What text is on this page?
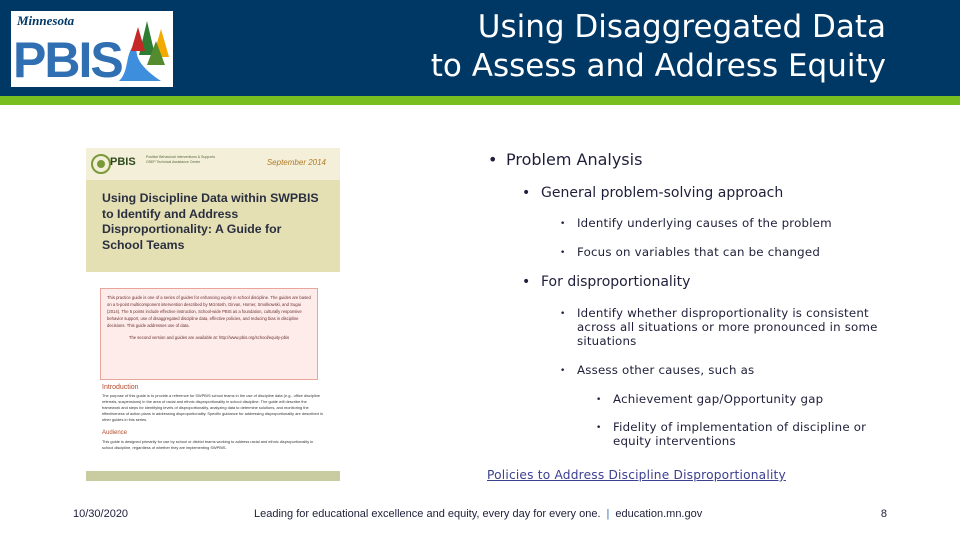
Minnesota
PBIS
Using Disaggregated Data
to Assess and Address Equity
PBIS	Positive Behavioral Interventions & Supports OSEP Technical Assistance Center	September 2014
Using Discipline Data within SWPBIS to Identify and Address Disproportionality: A Guide for School Teams
This practice guide is one of a series of guides for enhancing equity in school discipline. The guides are based on a 5-point multicomponent intervention described by McIntosh, Girvan, Horner, Smolkowski, and Sugai (2014). The 5 points include effective instruction, School-wide PBIS as a foundation, culturally responsive behavior support, use of disaggregated discipline data, effective policies, and reducing bias in discipline decisions. This guide addresses use of data.
The second version and guides are available at: http://www.pbis.org/school/equity-pbis
Introduction
The purpose of this guide is to provide a reference for SWPBIS school teams in the use of discipline data (e.g., office discipline referrals, suspensions) in the area of racial and ethnic disproportionality in school discipline. The guide will describe the framework and steps for identifying levels of disproportionality, analyzing data to determine solutions, and monitoring the effectiveness of action plans in addressing disproportionality. Specific guidance for addressing disproportionality are described in other guides in this series.
Audience
This guide is designed primarily for use by school or district teams working to address racial and ethnic disproportionality in school discipline, regardless of whether they are implementing SWPBIS.
• Problem Analysis
• General problem-solving approach
• Identify underlying causes of the problem
• Focus on variables that can be changed
• For disproportionality
• Identify whether disproportionality is consistent across all situations or more pronounced in some situations
• Assess other causes, such as
• Achievement gap/Opportunity gap
• Fidelity of implementation of discipline or equity interventions
Policies to Address Discipline Disproportionality
10/30/2020	Leading for educational excellence and equity, every day for every one. | education.mn.gov	8
